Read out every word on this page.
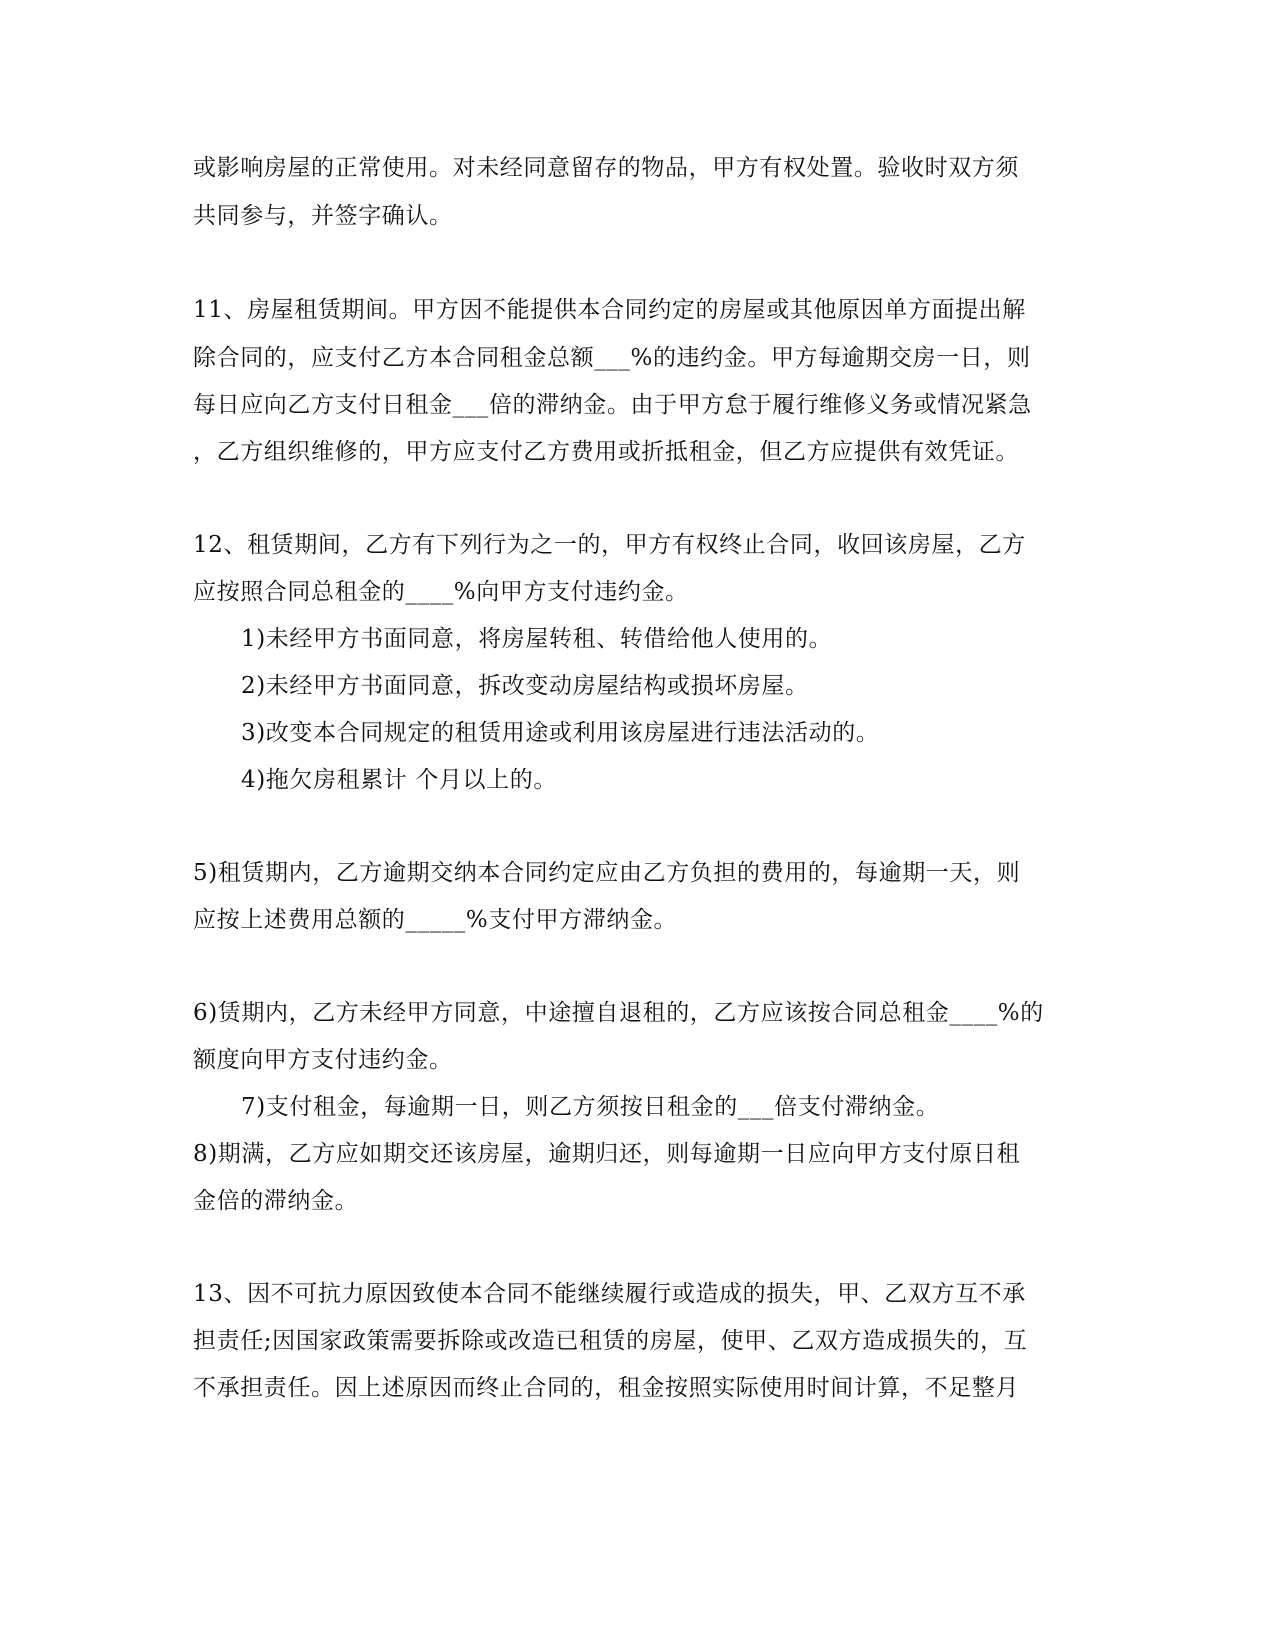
或影响房屋的正常使用。对未经同意留存的物品，甲方有权处置。验收时双方须
共同参与，并签字确认。
11、房屋租赁期间。甲方因不能提供本合同约定的房屋或其他原因单方面提出解
除合同的，应支付乙方本合同租金总额___%的违约金。甲方每逾期交房一日，则
每日应向乙方支付日租金___倍的滞纳金。由于甲方怠于履行维修义务或情况紧急
，乙方组织维修的，甲方应支付乙方费用或折抵租金，但乙方应提供有效凭证。
12、租赁期间，乙方有下列行为之一的，甲方有权终止合同，收回该房屋，乙方
应按照合同总租金的____%向甲方支付违约金。
1)未经甲方书面同意，将房屋转租、转借给他人使用的。
2)未经甲方书面同意，拆改变动房屋结构或损坏房屋。
3)改变本合同规定的租赁用途或利用该房屋进行违法活动的。
4)拖欠房租累计 个月以上的。
5)租赁期内，乙方逾期交纳本合同约定应由乙方负担的费用的，每逾期一天，则
应按上述费用总额的_____%支付甲方滞纳金。
6)赁期内，乙方未经甲方同意，中途擅自退租的，乙方应该按合同总租金____%的
额度向甲方支付违约金。
7)支付租金，每逾期一日，则乙方须按日租金的___倍支付滞纳金。
8)期满，乙方应如期交还该房屋，逾期归还，则每逾期一日应向甲方支付原日租
金倍的滞纳金。
13、因不可抗力原因致使本合同不能继续履行或造成的损失，甲、乙双方互不承
担责任;因国家政策需要拆除或改造已租赁的房屋，使甲、乙双方造成损失的，互
不承担责任。因上述原因而终止合同的，租金按照实际使用时间计算，不足整月
